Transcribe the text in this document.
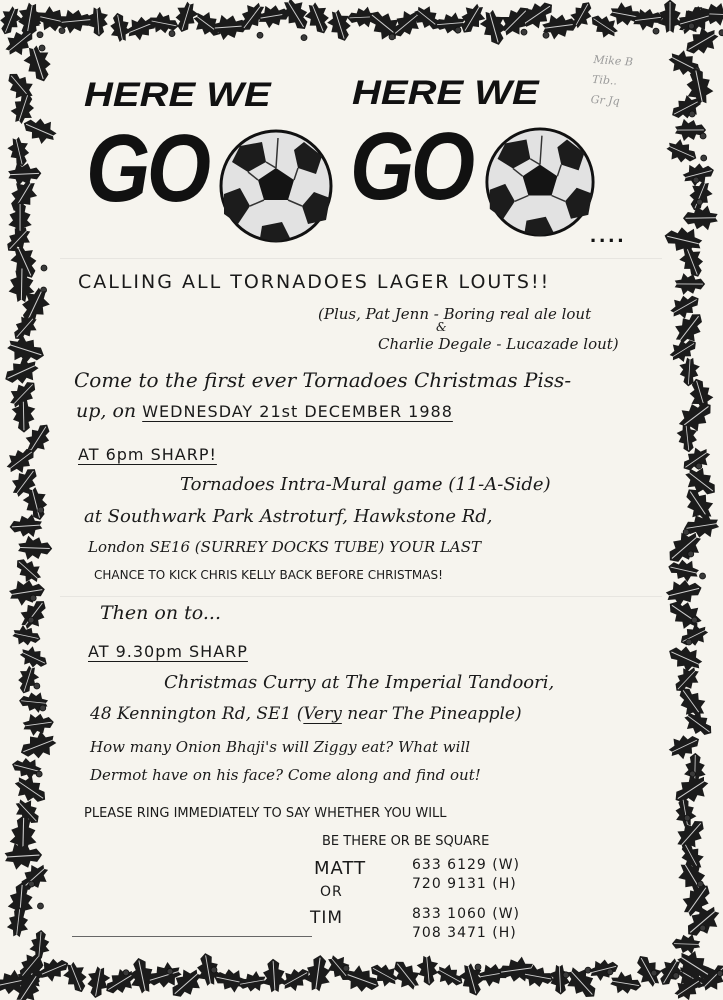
Mike B
Tib..
Gr Jq
HERE WE HERE WE
GO GO
....
CALLING ALL TORNADOES LAGER LOUTS!!
(Plus, Pat Jenn - Boring real ale lout
&
Charlie Degale - Lucazade lout)
Come to the first ever Tornadoes Christmas Piss-
up, on WEDNESDAY 21st DECEMBER 1988
AT 6pm SHARP!
Tornadoes Intra-Mural game (11-A-Side)
at Southwark Park Astroturf, Hawkstone Rd,
London SE16 (SURREY DOCKS TUBE) YOUR LAST
CHANCE TO KICK CHRIS KELLY BACK BEFORE CHRISTMAS!
Then on to...
AT 9.30pm SHARP
Christmas Curry at The Imperial Tandoori,
48 Kennington Rd, SE1 (Very near The Pineapple)
How many Onion Bhaji's will Ziggy eat? What will
Dermot have on his face? Come along and find out!
PLEASE RING IMMEDIATELY TO SAY WHETHER YOU WILL
BE THERE OR BE SQUARE
MATT
OR
TIM
633 6129 (W)
720 9131 (H)
833 1060 (W)
708 3471 (H)
